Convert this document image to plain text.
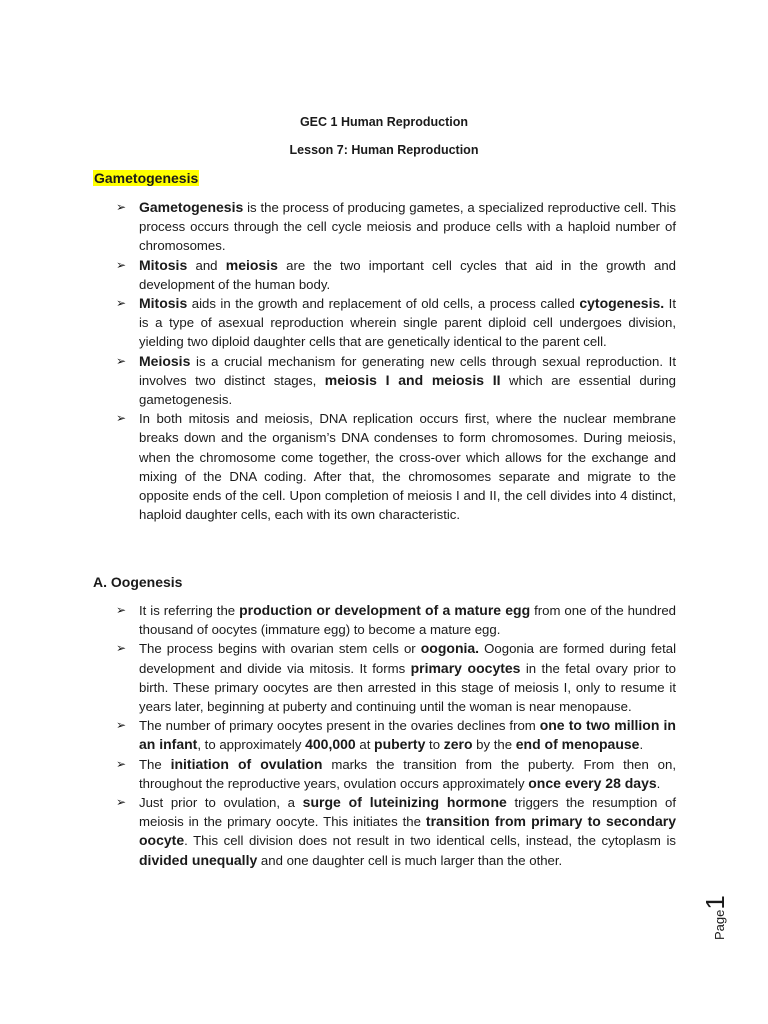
GEC 1 Human Reproduction
Lesson 7: Human Reproduction
Gametogenesis
➢ Gametogenesis is the process of producing gametes, a specialized reproductive cell. This process occurs through the cell cycle meiosis and produce cells with a haploid number of chromosomes.
➢ Mitosis and meiosis are the two important cell cycles that aid in the growth and development of the human body.
➢ Mitosis aids in the growth and replacement of old cells, a process called cytogenesis. It is a type of asexual reproduction wherein single parent diploid cell undergoes division, yielding two diploid daughter cells that are genetically identical to the parent cell.
➢ Meiosis is a crucial mechanism for generating new cells through sexual reproduction. It involves two distinct stages, meiosis I and meiosis II which are essential during gametogenesis.
➢ In both mitosis and meiosis, DNA replication occurs first, where the nuclear membrane breaks down and the organism’s DNA condenses to form chromosomes. During meiosis, when the chromosome come together, the cross-over which allows for the exchange and mixing of the DNA coding. After that, the chromosomes separate and migrate to the opposite ends of the cell. Upon completion of meiosis I and II, the cell divides into 4 distinct, haploid daughter cells, each with its own characteristic.
A. Oogenesis
➢ It is referring the production or development of a mature egg from one of the hundred thousand of oocytes (immature egg) to become a mature egg.
➢ The process begins with ovarian stem cells or oogonia. Oogonia are formed during fetal development and divide via mitosis. It forms primary oocytes in the fetal ovary prior to birth. These primary oocytes are then arrested in this stage of meiosis I, only to resume it years later, beginning at puberty and continuing until the woman is near menopause.
➢ The number of primary oocytes present in the ovaries declines from one to two million in an infant, to approximately 400,000 at puberty to zero by the end of menopause.
➢ The initiation of ovulation marks the transition from the puberty. From then on, throughout the reproductive years, ovulation occurs approximately once every 28 days.
➢ Just prior to ovulation, a surge of luteinizing hormone triggers the resumption of meiosis in the primary oocyte. This initiates the transition from primary to secondary oocyte. This cell division does not result in two identical cells, instead, the cytoplasm is divided unequally and one daughter cell is much larger than the other.
Page1
